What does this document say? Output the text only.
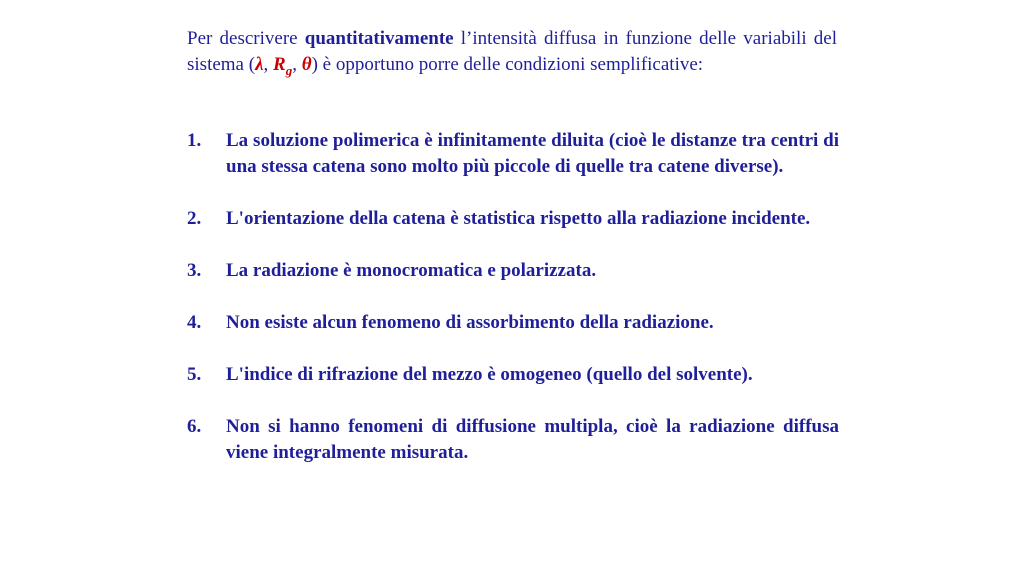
Per descrivere quantitativamente l’intensità diffusa in funzione delle variabili del sistema (λ, $R_g$, θ) è opportuno porre delle condizioni semplificative:

1.	La soluzione polimerica è infinitamente diluita (cioè le distanze tra centri di una stessa catena sono molto più piccole di quelle tra catene diverse).
2.	L'orientazione della catena è statistica rispetto alla radiazione incidente.
3.	La radiazione è monocromatica e polarizzata.
4.	Non esiste alcun fenomeno di assorbimento della radiazione.
5.	L'indice di rifrazione del mezzo è omogeneo (quello del solvente).
6.	Non si hanno fenomeni di diffusione multipla, cioè la radiazione diffusa viene integralmente misurata.
